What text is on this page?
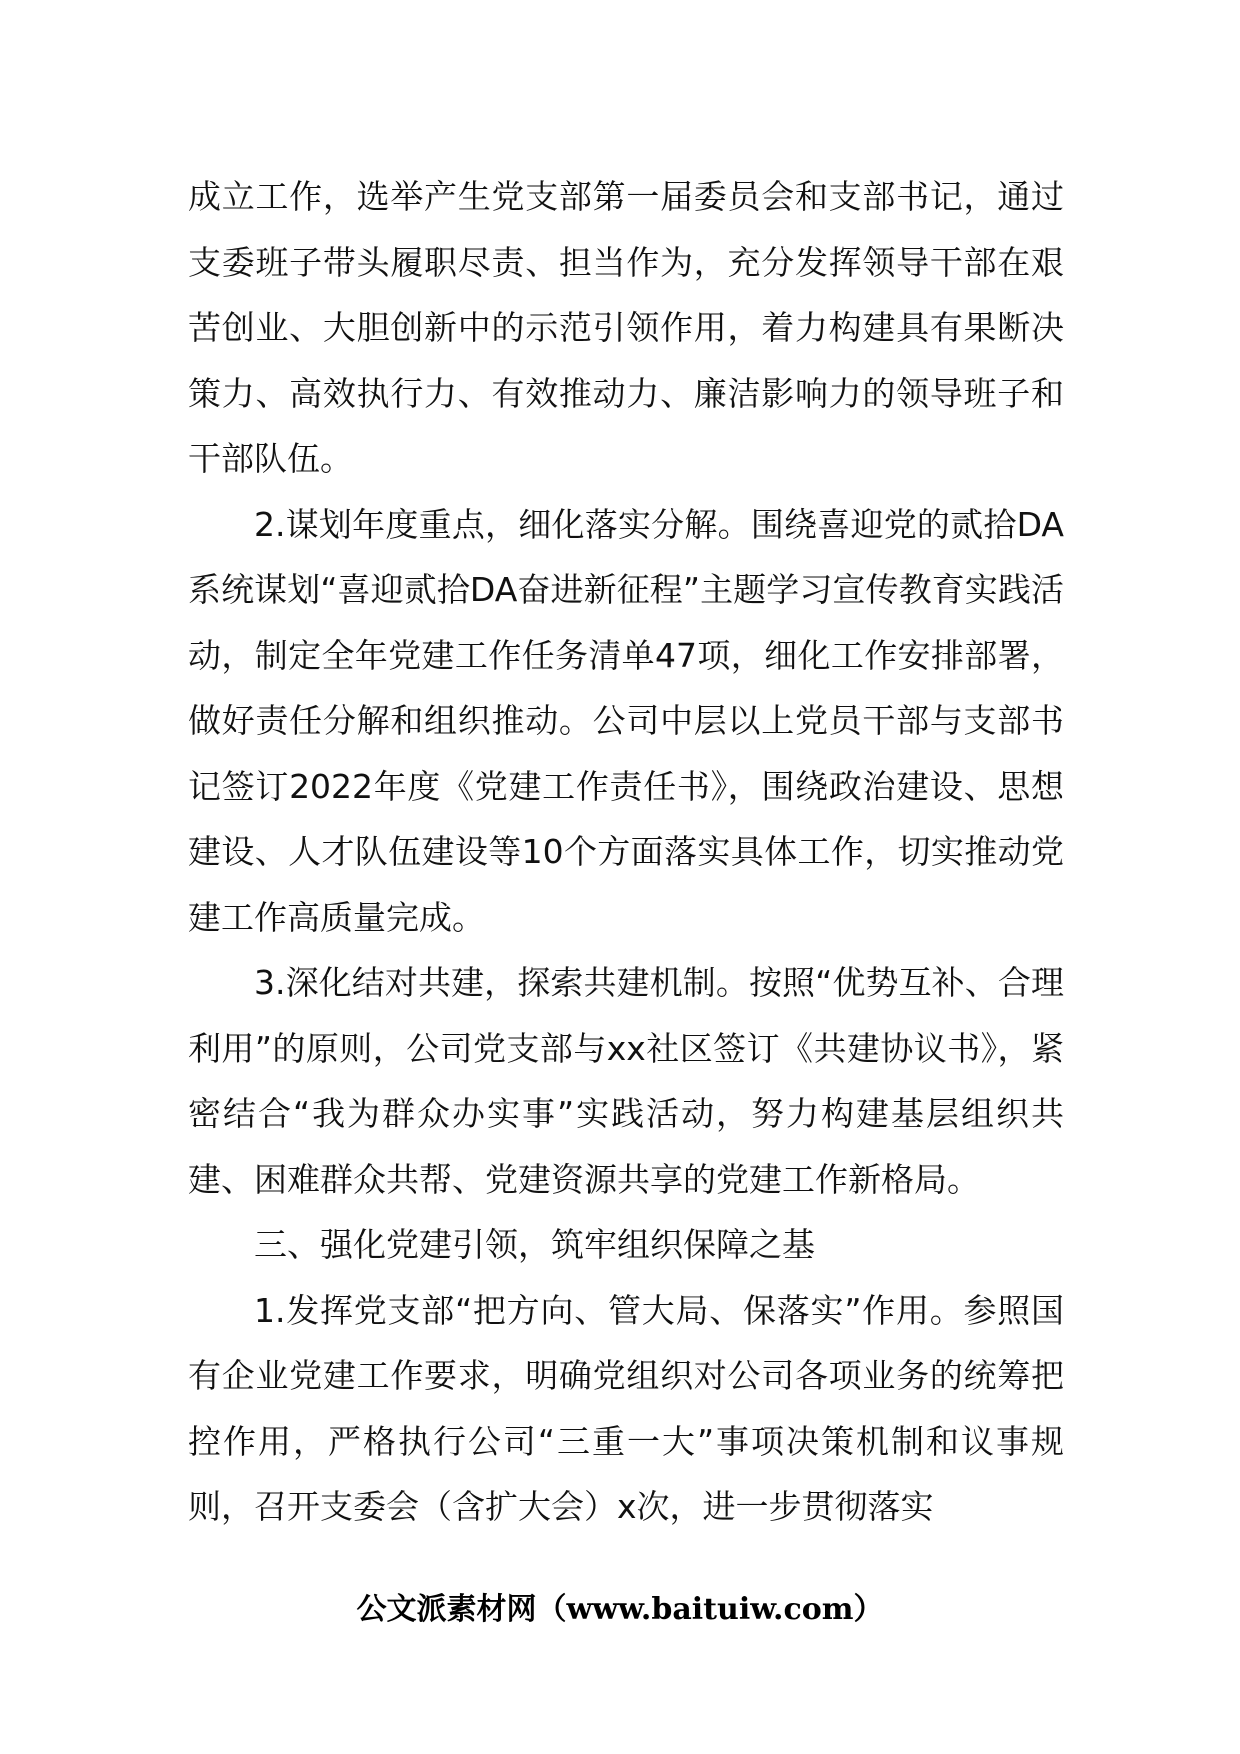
成立工作，选举产生党支部第一届委员会和支部书记，通过支委班子带头履职尽责、担当作为，充分发挥领导干部在艰苦创业、大胆创新中的示范引领作用，着力构建具有果断决策力、高效执行力、有效推动力、廉洁影响力的领导班子和干部队伍。

2.谋划年度重点，细化落实分解。围绕喜迎党的贰拾DA系统谋划“喜迎贰拾DA奋进新征程”主题学习宣传教育实践活动，制定全年党建工作任务清单47项，细化工作安排部署，做好责任分解和组织推动。公司中层以上党员干部与支部书记签订2022年度《党建工作责任书》，围绕政治建设、思想建设、人才队伍建设等10个方面落实具体工作，切实推动党建工作高质量完成。

3.深化结对共建，探索共建机制。按照“优势互补、合理利用”的原则，公司党支部与xx社区签订《共建协议书》，紧密结合“我为群众办实事”实践活动，努力构建基层组织共建、困难群众共帮、党建资源共享的党建工作新格局。

三、强化党建引领，筑牢组织保障之基

1.发挥党支部“把方向、管大局、保落实”作用。参照国有企业党建工作要求，明确党组织对公司各项业务的统筹把控作用，严格执行公司“三重一大”事项决策机制和议事规则，召开支委会（含扩大会）x次，进一步贯彻落实

公文派素材网（www.baituiw.com）
